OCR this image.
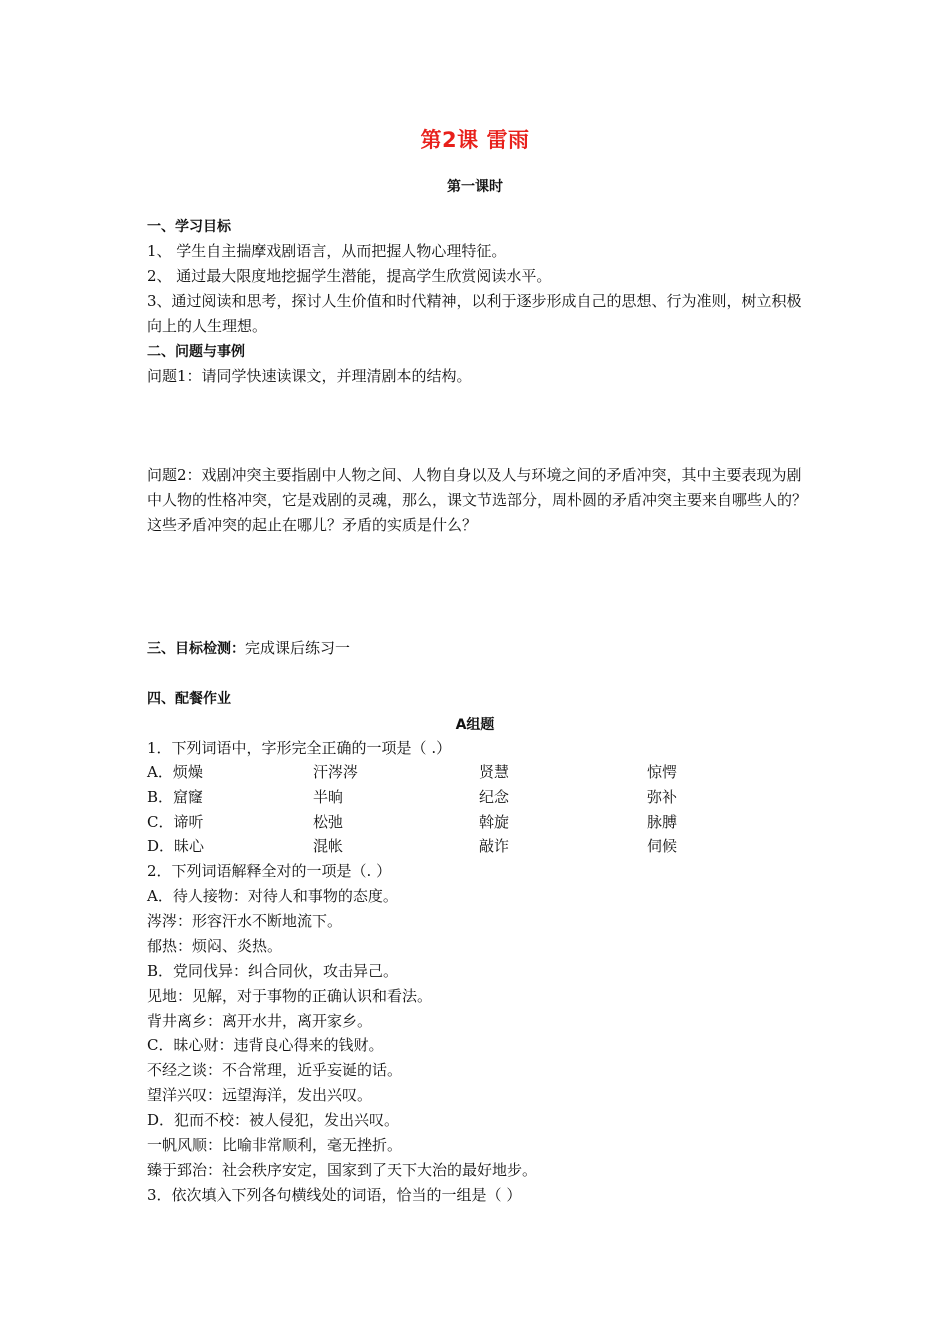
第2课 雷雨
第一课时
一、学习目标
1、 学生自主揣摩戏剧语言，从而把握人物心理特征。
2、 通过最大限度地挖掘学生潜能，提高学生欣赏阅读水平。
3、通过阅读和思考，探讨人生价值和时代精神，以利于逐步形成自己的思想、行为准则，树立积极向上的人生理想。
二、问题与事例
问题1：请同学快速读课文，并理清剧本的结构。
问题2：戏剧冲突主要指剧中人物之间、人物自身以及人与环境之间的矛盾冲突，其中主要表现为剧中人物的性格冲突，它是戏剧的灵魂，那么，课文节选部分，周朴圆的矛盾冲突主要来自哪些人的？这些矛盾冲突的起止在哪儿？矛盾的实质是什么？
三、目标检测：完成课后练习一
四、配餐作业
A组题
1．下列词语中，字形完全正确的一项是（ .）
A．烦燥	汗涔涔	贤慧	惊愕
B．窟窿	半晌	纪念	弥补
C．谛听	松弛	斡旋	脉膊
D．昧心	混帐	敲诈	伺候
2．下列词语解释全对的一项是（. ）
A．待人接物：对待人和事物的态度。
涔涔：形容汗水不断地流下。
郁热：烦闷、炎热。
B．党同伐异：纠合同伙，攻击异己。
见地：见解，对于事物的正确认识和看法。
背井离乡：离开水井，离开家乡。
C．昧心财：违背良心得来的钱财。
不经之谈：不合常理，近乎妄诞的话。
望洋兴叹：远望海洋，发出兴叹。
D．犯而不校：被人侵犯，发出兴叹。
一帆风顺：比喻非常顺利，毫无挫折。
臻于郅治：社会秩序安定，国家到了天下大治的最好地步。
3．依次填入下列各句横线处的词语，恰当的一组是（ ）
